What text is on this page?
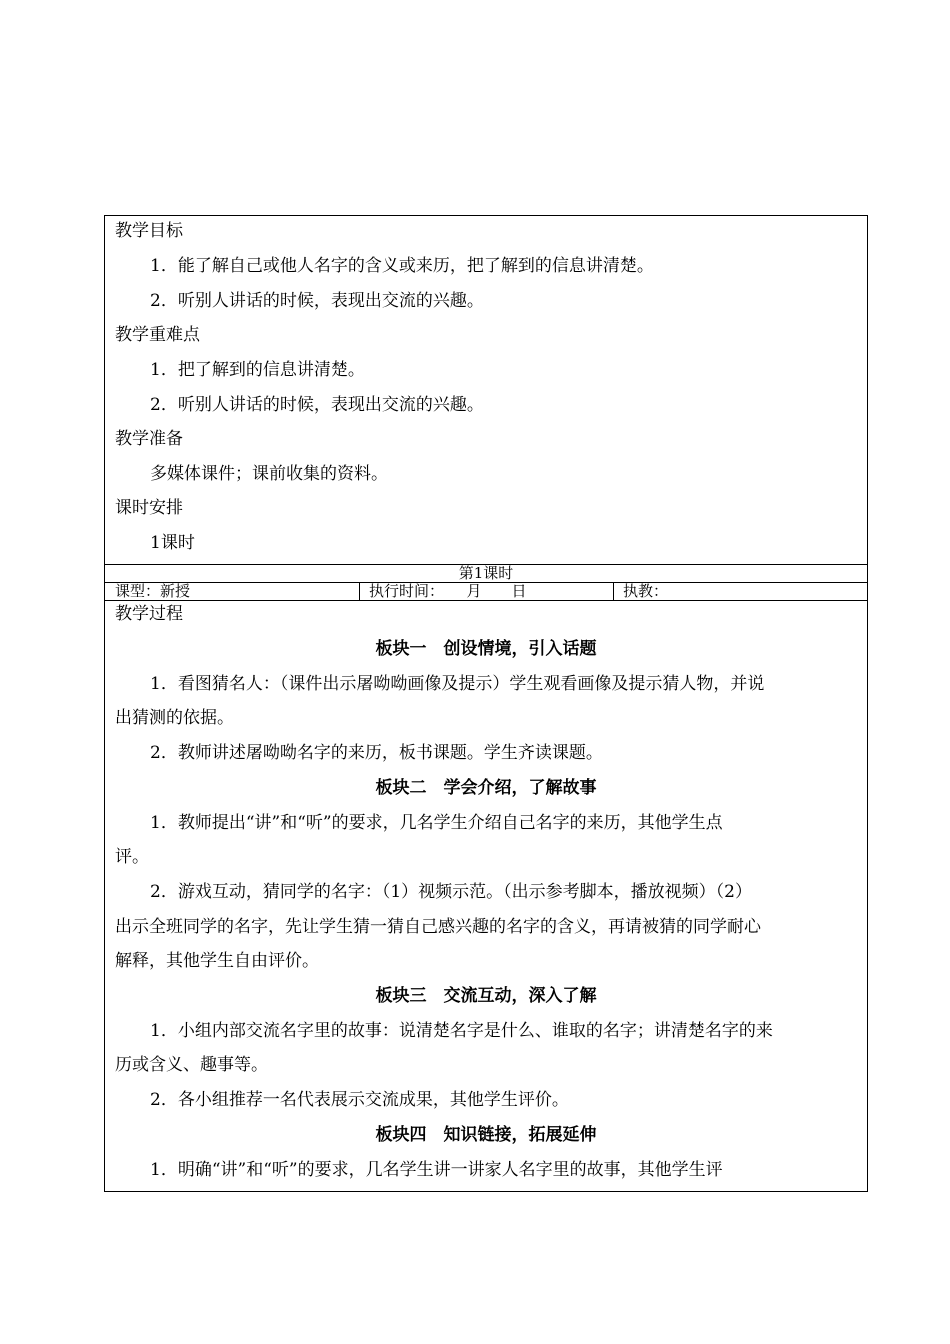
教学目标
1．能了解自己或他人名字的含义或来历，把了解到的信息讲清楚。
2．听别人讲话的时候，表现出交流的兴趣。
教学重难点
1．把了解到的信息讲清楚。
2．听别人讲话的时候，表现出交流的兴趣。
教学准备
多媒体课件；课前收集的资料。
课时安排
1课时
第1课时
课型：新授	执行时间：　　月　　日	执教：
教学过程
板块一　创设情境，引入话题
1．看图猜名人：（课件出示屠呦呦画像及提示）学生观看画像及提示猜人物，并说
出猜测的依据。
2．教师讲述屠呦呦名字的来历，板书课题。学生齐读课题。
板块二　学会介绍，了解故事
1．教师提出“讲”和“听”的要求，几名学生介绍自己名字的来历，其他学生点
评。
2．游戏互动，猜同学的名字：（1）视频示范。（出示参考脚本，播放视频）（2）
出示全班同学的名字，先让学生猜一猜自己感兴趣的名字的含义，再请被猜的同学耐心
解释，其他学生自由评价。
板块三　交流互动，深入了解
1．小组内部交流名字里的故事：说清楚名字是什么、谁取的名字；讲清楚名字的来
历或含义、趣事等。
2．各小组推荐一名代表展示交流成果，其他学生评价。
板块四　知识链接，拓展延伸
1．明确“讲”和“听”的要求，几名学生讲一讲家人名字里的故事，其他学生评
